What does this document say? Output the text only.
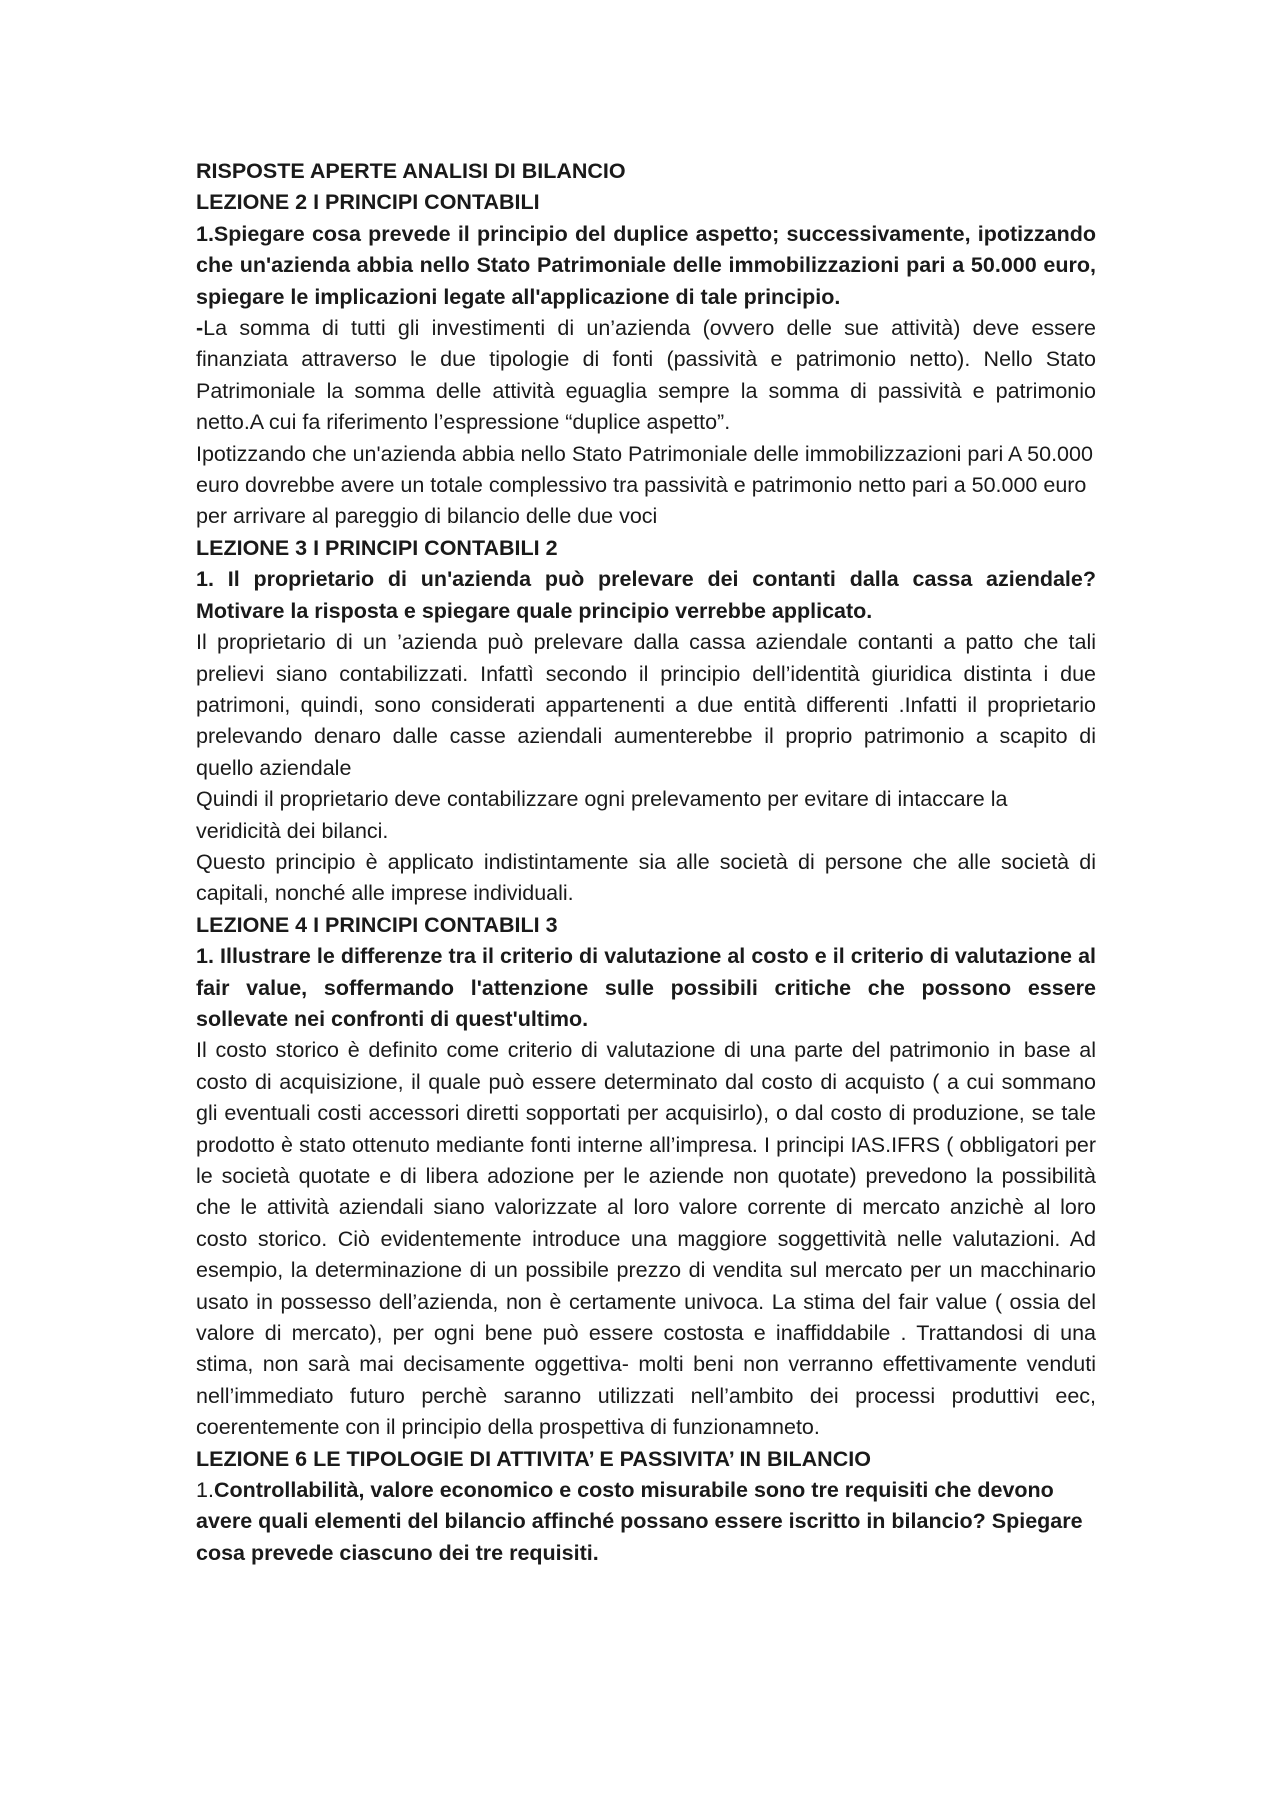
RISPOSTE APERTE ANALISI DI BILANCIO

LEZIONE 2 I PRINCIPI CONTABILI

1.Spiegare cosa prevede il principio del duplice aspetto; successivamente, ipotizzando che un'azienda abbia nello Stato Patrimoniale delle immobilizzazioni pari a 50.000 euro, spiegare le implicazioni legate all'applicazione di tale principio.

-La somma di tutti gli investimenti di un’azienda (ovvero delle sue attività) deve essere finanziata attraverso le due tipologie di fonti (passività e patrimonio netto). Nello Stato Patrimoniale la somma delle attività eguaglia sempre la somma di passività e patrimonio netto.A cui fa riferimento l’espressione “duplice aspetto”.

Ipotizzando che un'azienda abbia nello Stato Patrimoniale delle immobilizzazioni pari A 50.000 euro dovrebbe avere un totale complessivo tra passività e patrimonio netto pari a 50.000 euro per arrivare al pareggio di bilancio delle due voci

LEZIONE 3 I PRINCIPI CONTABILI 2

1. Il proprietario di un'azienda può prelevare dei contanti dalla cassa aziendale? Motivare la risposta e spiegare quale principio verrebbe applicato.

Il proprietario di un ’azienda può prelevare dalla cassa aziendale contanti a patto che tali prelievi siano contabilizzati. Infattì secondo il principio dell’identità giuridica distinta i due patrimoni, quindi, sono considerati appartenenti a due entità differenti .Infatti il proprietario prelevando denaro dalle casse aziendali aumenterebbe il proprio patrimonio a scapito di quello aziendale

Quindi il proprietario deve contabilizzare ogni prelevamento per evitare di intaccare la veridicità dei bilanci.

Questo principio è applicato indistintamente sia alle società di persone che alle società di capitali, nonché alle imprese individuali.

LEZIONE 4 I PRINCIPI CONTABILI 3

1. Illustrare le differenze tra il criterio di valutazione al costo e il criterio di valutazione al fair value, soffermando l'attenzione sulle possibili critiche che possono essere sollevate nei confronti di quest'ultimo.

Il costo storico è definito come criterio di valutazione di una parte del patrimonio in base al costo di acquisizione, il quale può essere determinato dal costo di acquisto ( a cui sommano gli eventuali costi accessori diretti sopportati per acquisirlo), o dal costo di produzione, se tale prodotto è stato ottenuto mediante fonti interne all’impresa. I principi IAS.IFRS ( obbligatori per le società quotate e di libera adozione per le aziende non quotate) prevedono la possibilità che le attività aziendali siano valorizzate al loro valore corrente di mercato anzichè al loro costo storico. Ciò evidentemente introduce una maggiore soggettività nelle valutazioni. Ad esempio, la determinazione di un possibile prezzo di vendita sul mercato per un macchinario usato in possesso dell’azienda, non è certamente univoca. La stima del fair value ( ossia del valore di mercato), per ogni bene può essere costosta e inaffiddabile . Trattandosi di una stima, non sarà mai decisamente oggettiva- molti beni non verranno effettivamente venduti nell’immediato futuro perchè saranno utilizzati nell’ambito dei processi produttivi eec, coerentemente con il principio della prospettiva di funzionamneto.

LEZIONE 6 LE TIPOLOGIE DI ATTIVITA’ E PASSIVITA’ IN BILANCIO

1.Controllabilità, valore economico e costo misurabile sono tre requisiti che devono avere quali elementi del bilancio affinché possano essere iscritto in bilancio? Spiegare cosa prevede ciascuno dei tre requisiti.
